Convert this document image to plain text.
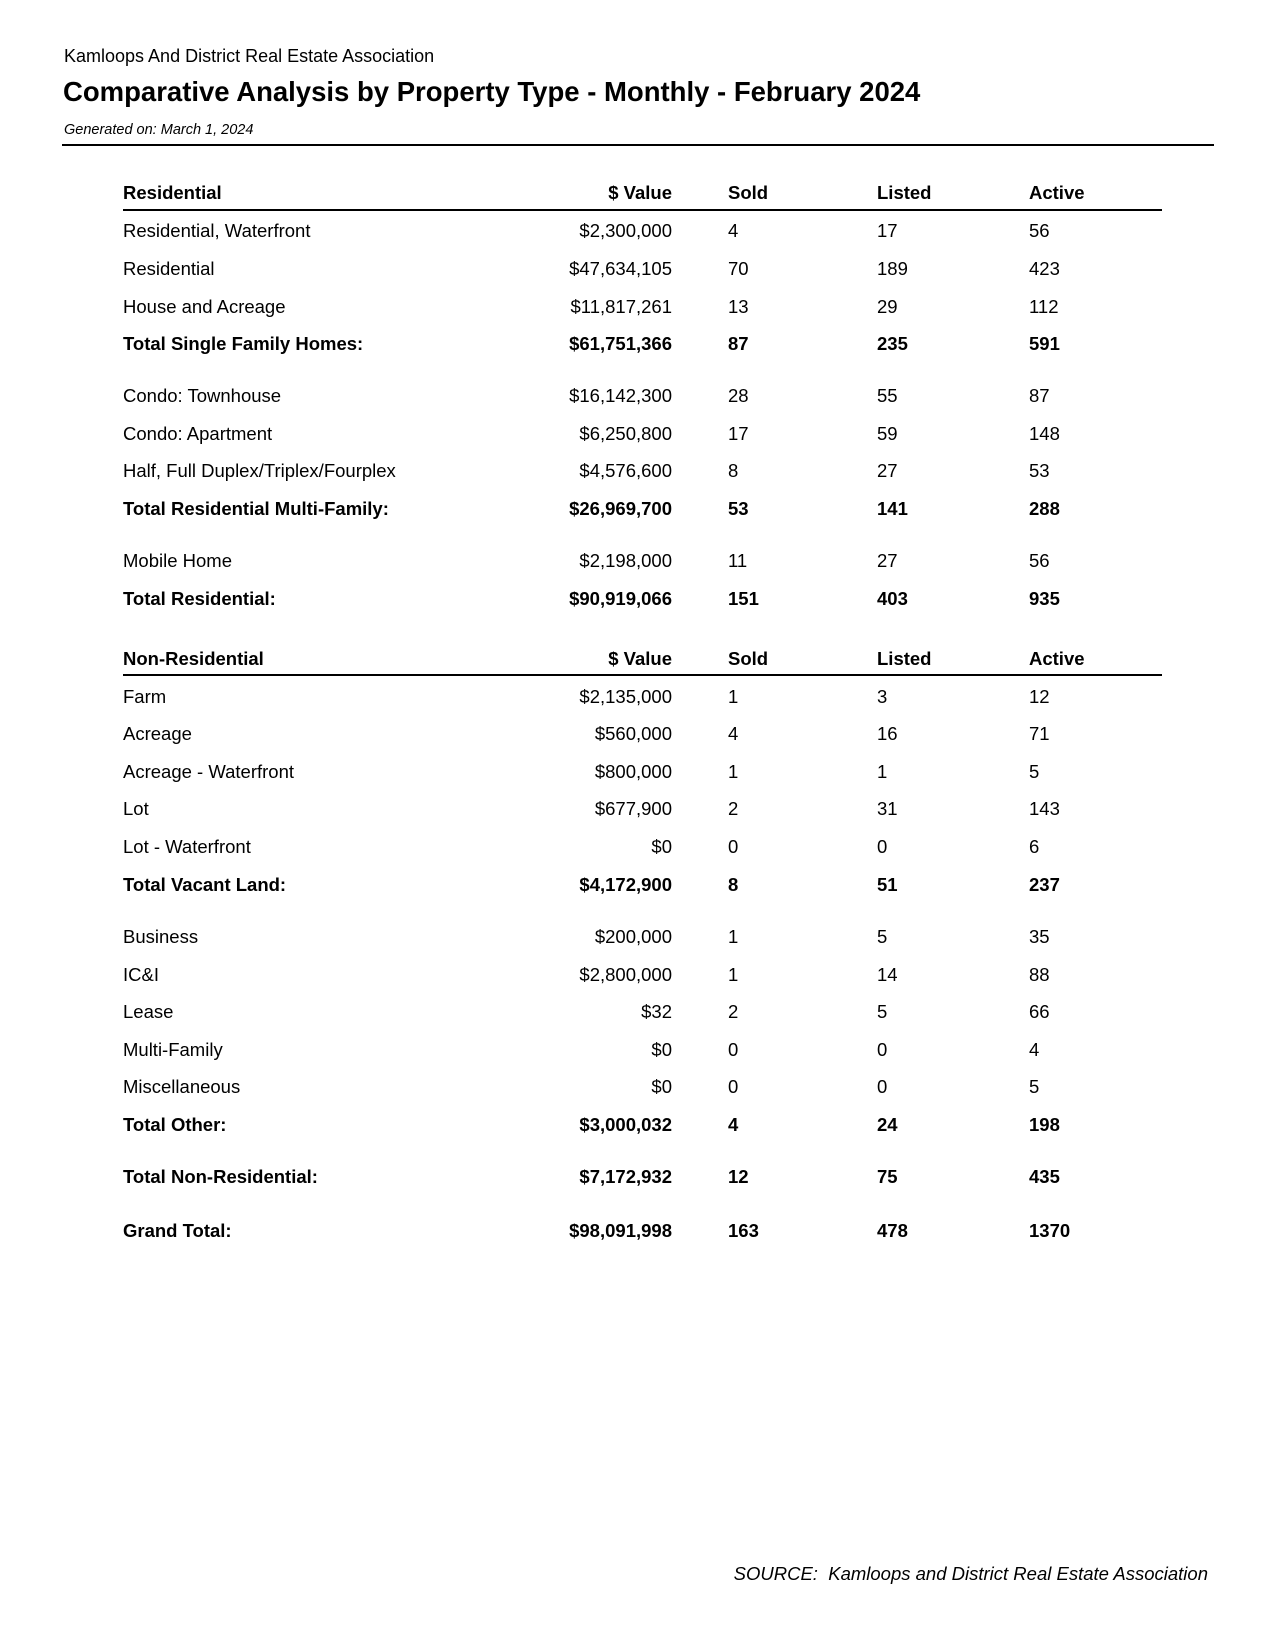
Kamloops And District Real Estate Association
Comparative Analysis by Property Type - Monthly - February 2024
Generated on: March 1, 2024
Residential	$ Value	Sold	Listed	Active
Residential, Waterfront	$2,300,000	4	17	56
Residential	$47,634,105	70	189	423
House and Acreage	$11,817,261	13	29	112
Total Single Family Homes:	$61,751,366	87	235	591
Condo: Townhouse	$16,142,300	28	55	87
Condo: Apartment	$6,250,800	17	59	148
Half, Full Duplex/Triplex/Fourplex	$4,576,600	8	27	53
Total Residential Multi-Family:	$26,969,700	53	141	288
Mobile Home	$2,198,000	11	27	56
Total Residential:	$90,919,066	151	403	935
Non-Residential	$ Value	Sold	Listed	Active
Farm	$2,135,000	1	3	12
Acreage	$560,000	4	16	71
Acreage - Waterfront	$800,000	1	1	5
Lot	$677,900	2	31	143
Lot - Waterfront	$0	0	0	6
Total Vacant Land:	$4,172,900	8	51	237
Business	$200,000	1	5	35
IC&I	$2,800,000	1	14	88
Lease	$32	2	5	66
Multi-Family	$0	0	0	4
Miscellaneous	$0	0	0	5
Total Other:	$3,000,032	4	24	198
Total Non-Residential:	$7,172,932	12	75	435
Grand Total:	$98,091,998	163	478	1370
SOURCE:  Kamloops and District Real Estate Association
